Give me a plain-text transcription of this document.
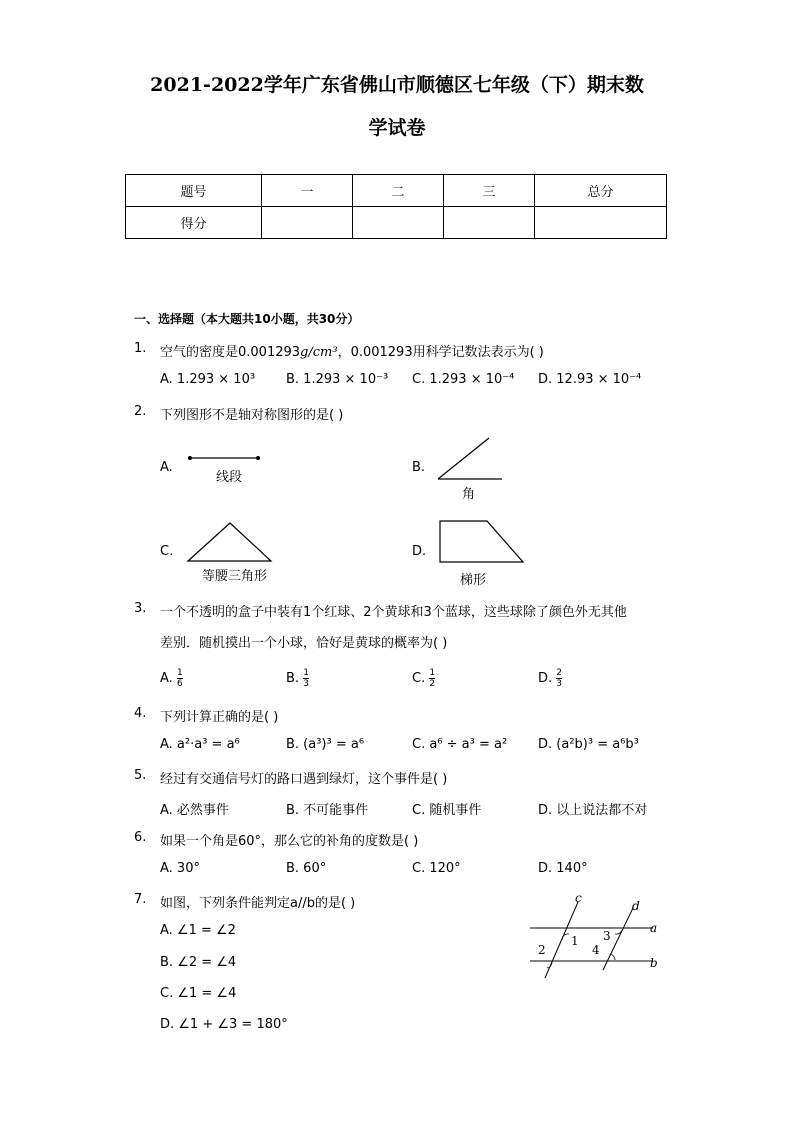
2021-2022学年广东省佛山市顺德区七年级（下）期末数
学试卷
题号	一	二	三	总分
得分				
一、选择题（本大题共10小题，共30分）
1. 空气的密度是0.001293g/cm³，0.001293用科学记数法表示为( )
A. 1.293 × 10³ B. 1.293 × 10⁻³ C. 1.293 × 10⁻⁴ D. 12.93 × 10⁻⁴
2. 下列图形不是轴对称图形的是( )
A.
线段
B.
角
C.
等腰三角形
D.
梯形
3. 一个不透明的盒子中装有1个红球、2个黄球和3个蓝球，这些球除了颜色外无其他
差别．随机摸出一个小球，恰好是黄球的概率为( )
A. $\frac{1}{6}$	B. $\frac{1}{3}$	C. $\frac{1}{2}$	D. $\frac{2}{3}$
4. 下列计算正确的是( )
A. a²·a³ = a⁶	B. (a³)³ = a⁶	C. a⁶ ÷ a³ = a² D. (a²b)³ = a⁶b³
5. 经过有交通信号灯的路口遇到绿灯，这个事件是( )
A. 必然事件	B. 不可能事件	C. 随机事件	D. 以上说法都不对
6. 如果一个角是60°，那么它的补角的度数是( )
A. 30°	B. 60°	C. 120°	D. 140°
7. 如图，下列条件能判定a//b的是( )
A. ∠1 = ∠2
B. ∠2 = ∠4
C. ∠1 = ∠4
D. ∠1 + ∠3 = 180°
c
d
a
b
1
2
3
4
